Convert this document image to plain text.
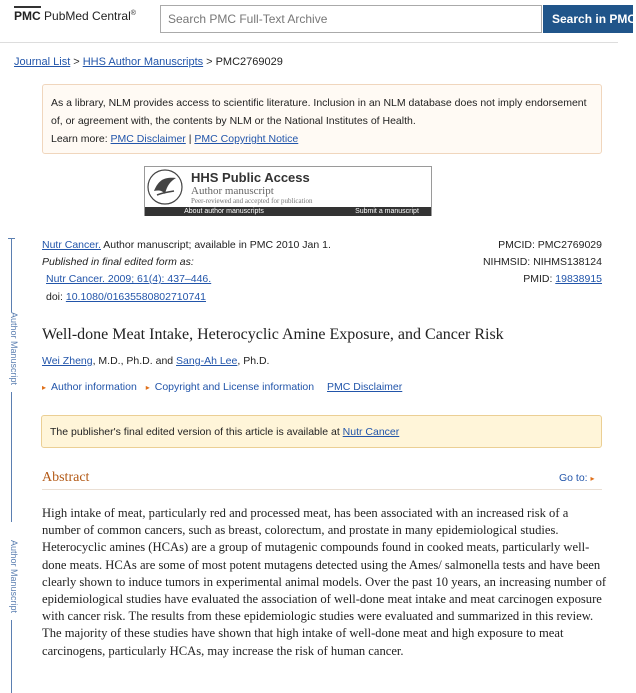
PMC PubMed Central®
Search PMC Full-Text Archive	Search in PMC
Journal List > HHS Author Manuscripts > PMC2769029
As a library, NLM provides access to scientific literature. Inclusion in an NLM database does not imply endorsement
of, or agreement with, the contents by NLM or the National Institutes of Health.
Learn more: PMC Disclaimer | PMC Copyright Notice
HHS Public Access
Author manuscript
Peer-reviewed and accepted for publication
About author manuscripts	Submit a manuscript
Author Manuscript
Author Manuscript
Nutr Cancer. Author manuscript; available in PMC 2010 Jan 1.
Published in final edited form as:
Nutr Cancer. 2009; 61(4): 437–446.
doi: 10.1080/01635580802710741
PMCID: PMC2769029
NIHMSID: NIHMS138124
PMID: 19838915
Well-done Meat Intake, Heterocyclic Amine Exposure, and Cancer Risk
Wei Zheng, M.D., Ph.D. and Sang-Ah Lee, Ph.D.
▸ Author information ▸ Copyright and License information PMC Disclaimer
The publisher's final edited version of this article is available at Nutr Cancer
Abstract	Go to: ▸

High intake of meat, particularly red and processed meat, has been associated with an increased risk of a number of common cancers, such as breast, colorectum, and prostate in many epidemiological studies. Heterocyclic amines (HCAs) are a group of mutagenic compounds found in cooked meats, particularly well-done meats. HCAs are some of most potent mutagens detected using the Ames/ salmonella tests and have been clearly shown to induce tumors in experimental animal models. Over the past 10 years, an increasing number of epidemiological studies have evaluated the association of well-done meat intake and meat carcinogen exposure with cancer risk. The results from these epidemiologic studies were evaluated and summarized in this review. The majority of these studies have shown that high intake of well-done meat and high exposure to meat carcinogens, particularly HCAs, may increase the risk of human cancer.
